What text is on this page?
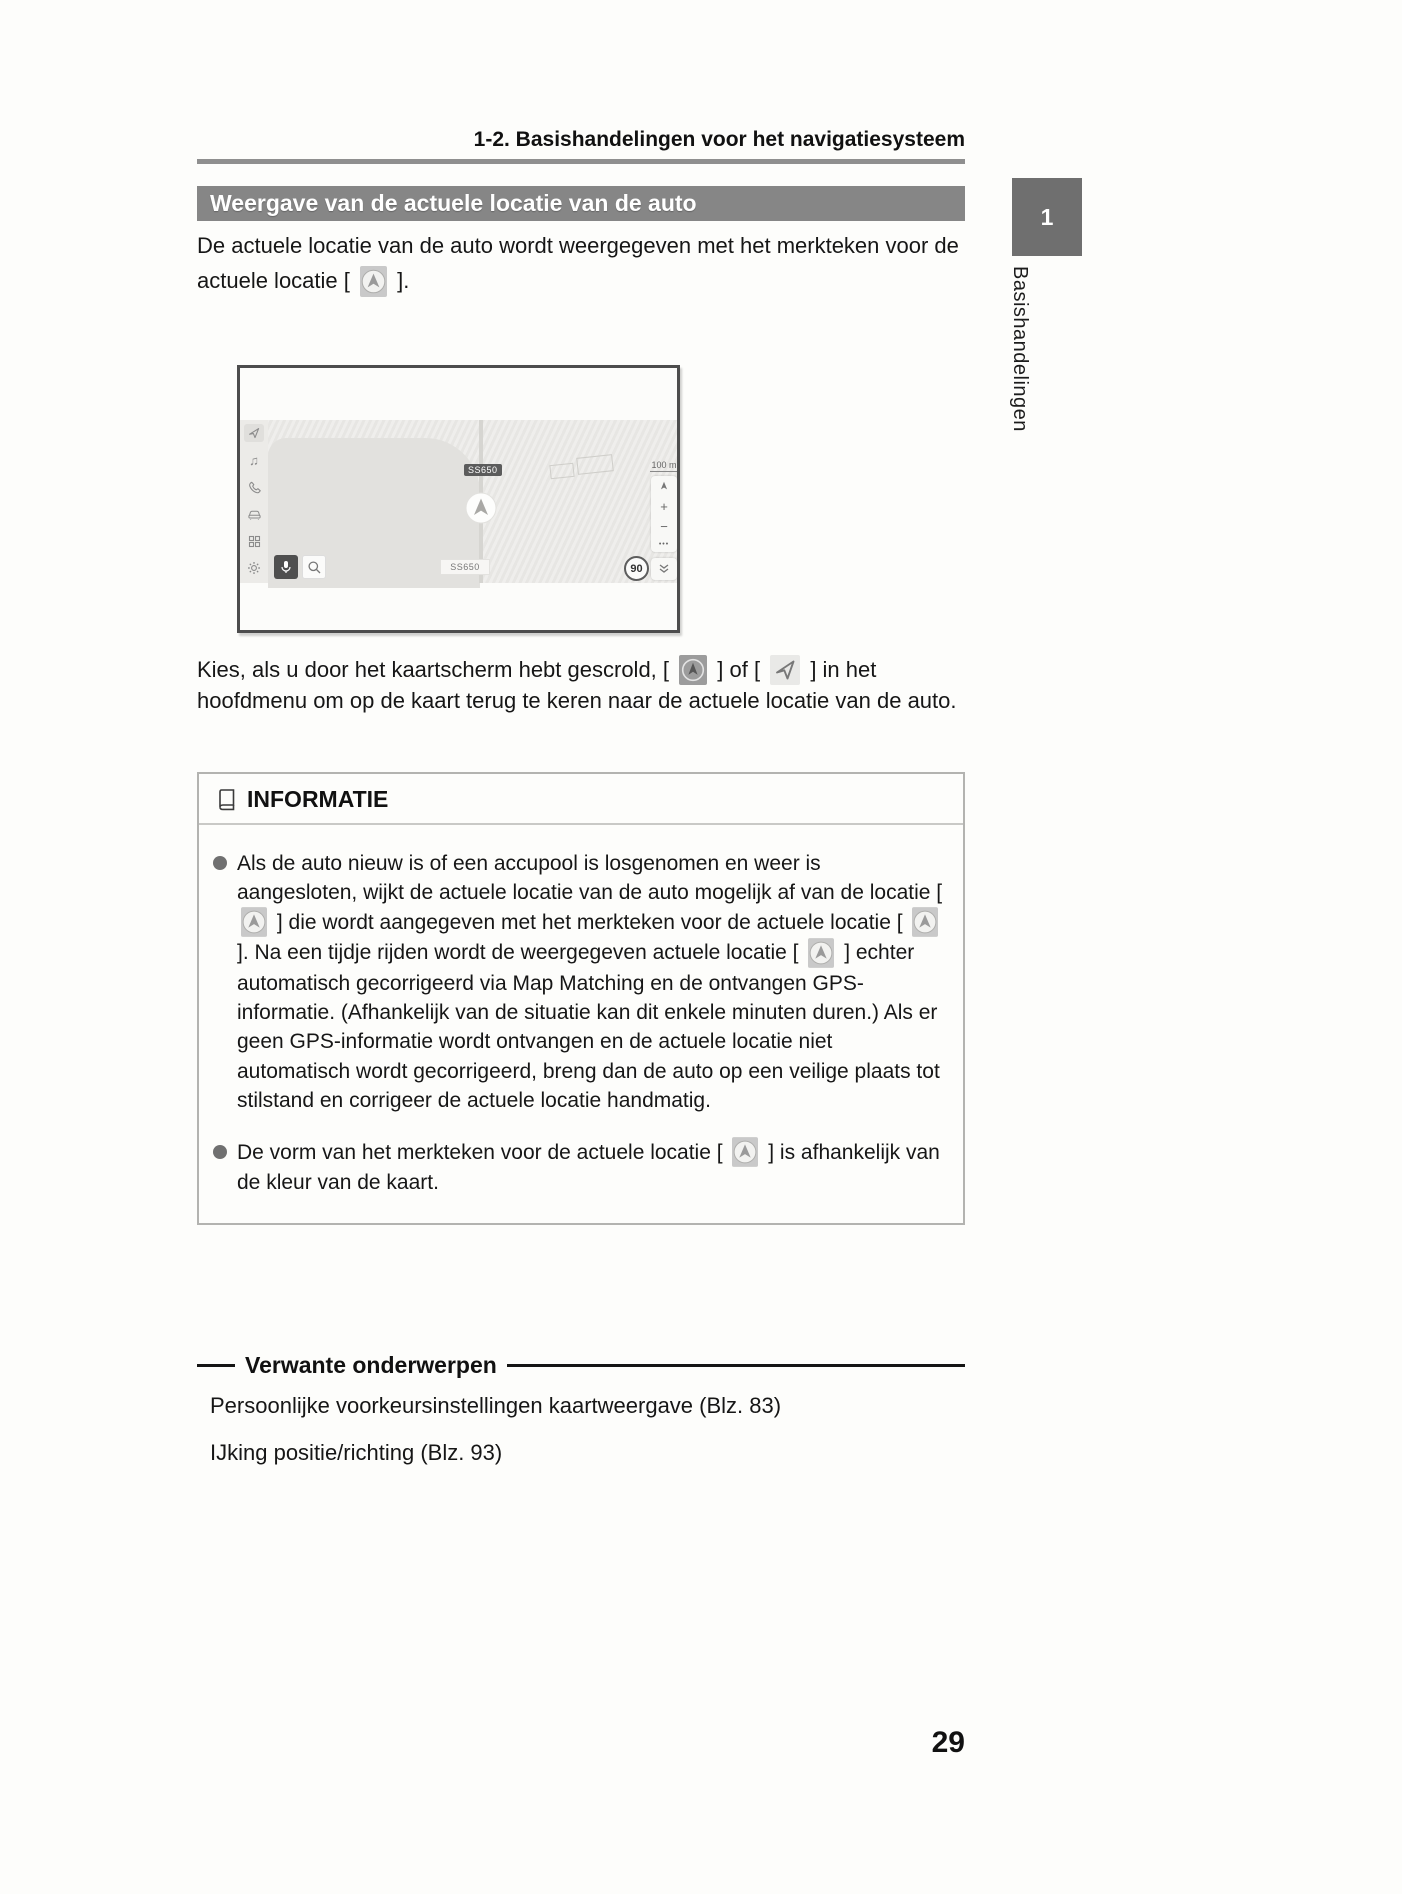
1-2. Basishandelingen voor het navigatiesysteem
1
Basishandelingen
Weergave van de actuele locatie van de auto
De actuele locatie van de auto wordt weergegeven met het merkteken voor de actuele locatie [ ].
♫
SS650
SS650
100 m
+
−
•••
90
Kies, als u door het kaartscherm hebt gescrold, [ ] of [ ] in het hoofdmenu om op de kaart terug te keren naar de actuele locatie van de auto.
INFORMATIE
Als de auto nieuw is of een accupool is losgenomen en weer is aangesloten, wijkt de actuele locatie van de auto mogelijk af van de locatie [  ] die wordt aangegeven met het merkteken voor de actuele locatie [  ]. Na een tijdje rijden wordt de weergegeven actuele locatie [ ] echter automatisch gecorrigeerd via Map Matching en de ontvangen GPS-informatie. (Afhankelijk van de situatie kan dit enkele minuten duren.) Als er geen GPS-informatie wordt ontvangen en de actuele locatie niet automatisch wordt gecorrigeerd, breng dan de auto op een veilige plaats tot stilstand en corrigeer de actuele locatie handmatig.
De vorm van het merkteken voor de actuele locatie [ ] is afhankelijk van de kleur van de kaart.
Verwante onderwerpen
Persoonlijke voorkeursinstellingen kaartweergave (Blz. 83)
IJking positie/richting (Blz. 93)
29
